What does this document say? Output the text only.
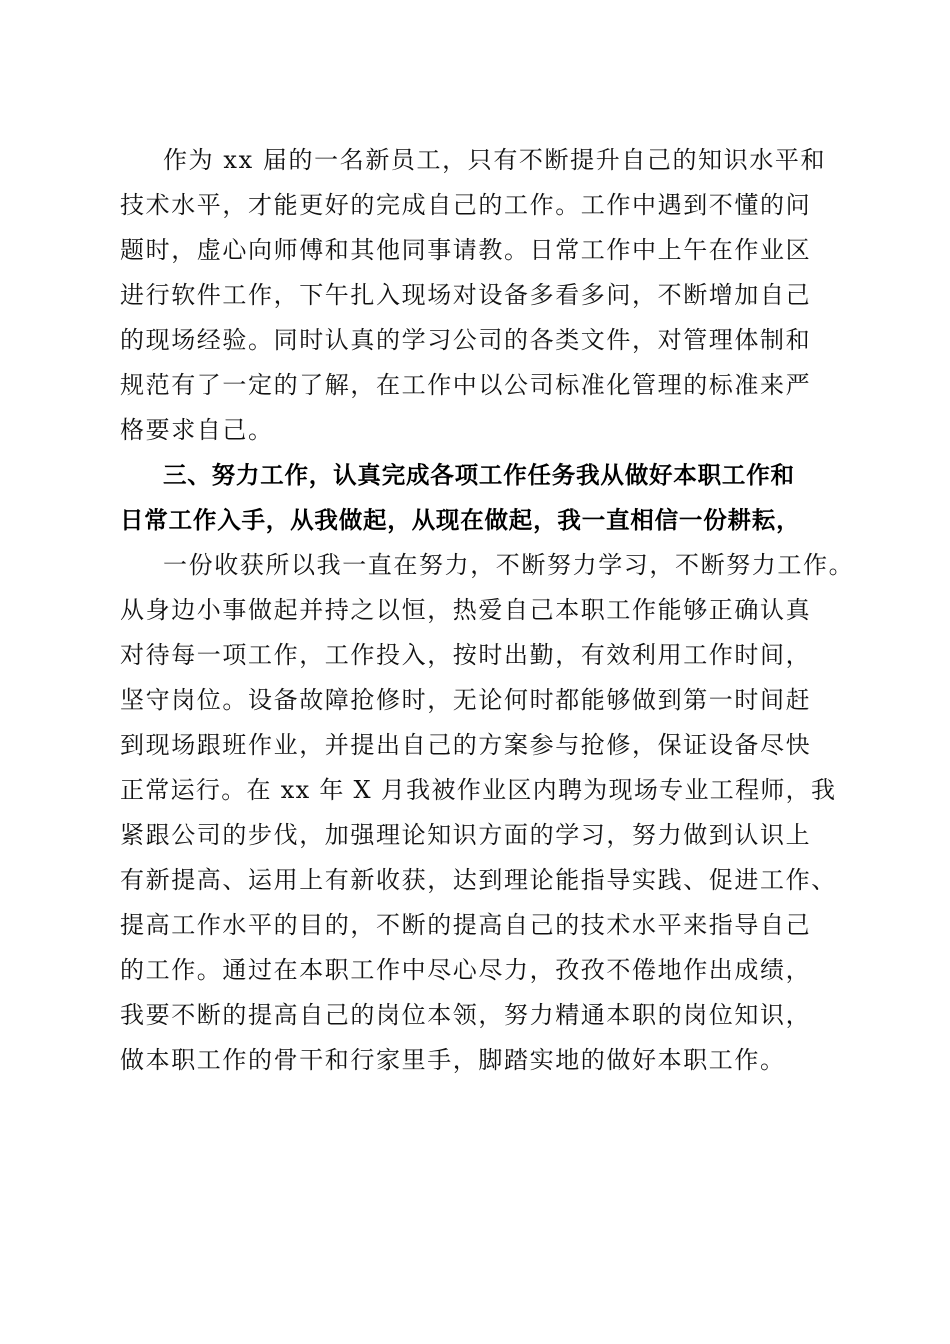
作为 xx 届的一名新员工，只有不断提升自己的知识水平和
技术水平，才能更好的完成自己的工作。工作中遇到不懂的问
题时，虚心向师傅和其他同事请教。日常工作中上午在作业区
进行软件工作，下午扎入现场对设备多看多问，不断增加自己
的现场经验。同时认真的学习公司的各类文件，对管理体制和
规范有了一定的了解，在工作中以公司标准化管理的标准来严
格要求自己。
三、努力工作，认真完成各项工作任务我从做好本职工作和
日常工作入手，从我做起，从现在做起，我一直相信一份耕耘，
一份收获所以我一直在努力，不断努力学习，不断努力工作。
从身边小事做起并持之以恒，热爱自己本职工作能够正确认真
对待每一项工作，工作投入，按时出勤，有效利用工作时间，
坚守岗位。设备故障抢修时，无论何时都能够做到第一时间赶
到现场跟班作业，并提出自己的方案参与抢修，保证设备尽快
正常运行。在 xx 年 X 月我被作业区内聘为现场专业工程师，我
紧跟公司的步伐，加强理论知识方面的学习，努力做到认识上
有新提高、运用上有新收获，达到理论能指导实践、促进工作、
提高工作水平的目的，不断的提高自己的技术水平来指导自己
的工作。通过在本职工作中尽心尽力，孜孜不倦地作出成绩，
我要不断的提高自己的岗位本领，努力精通本职的岗位知识，
做本职工作的骨干和行家里手，脚踏实地的做好本职工作。
